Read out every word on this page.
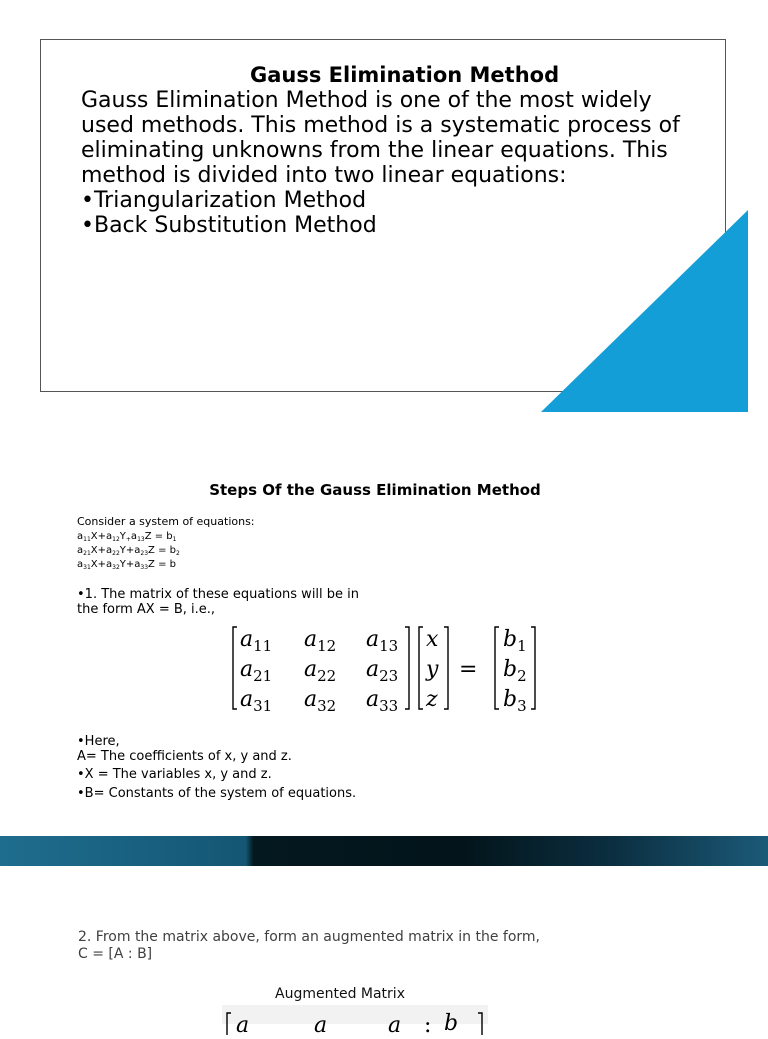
Gauss Elimination Method

Gauss Elimination Method is one of the most widely used methods. This method is a systematic process of eliminating unknowns from the linear equations. This method is divided into two linear equations:

•Triangularization Method

•Back Substitution Method

Steps Of the Gauss Elimination Method
Consider a system of equations:
$a_{11}X+a_{12}Y_+a_{13}Z = b_1$
$a_{21}X+a_{22}Y+a_{23}Z = b_2$
$a_{31}X+a_{32}Y+a_{33}Z = b$
•1. The matrix of these equations will be in
the form AX = B, i.e.,
$a_{11}$ $a_{12}$ $a_{13}$
$a_{21}$ $a_{22}$ $a_{23}$
$a_{31}$ $a_{32}$ $a_{33}$
x
y
z
=
$b_1$
$b_2$
$b_3$
•Here,
A= The coefficients of x, y and z.
•X = The variables x, y and z.
•B= Constants of the system of equations.
2. From the matrix above, form an augmented matrix in the form,
C = [A : B]
Augmented Matrix
a	a	a : b
